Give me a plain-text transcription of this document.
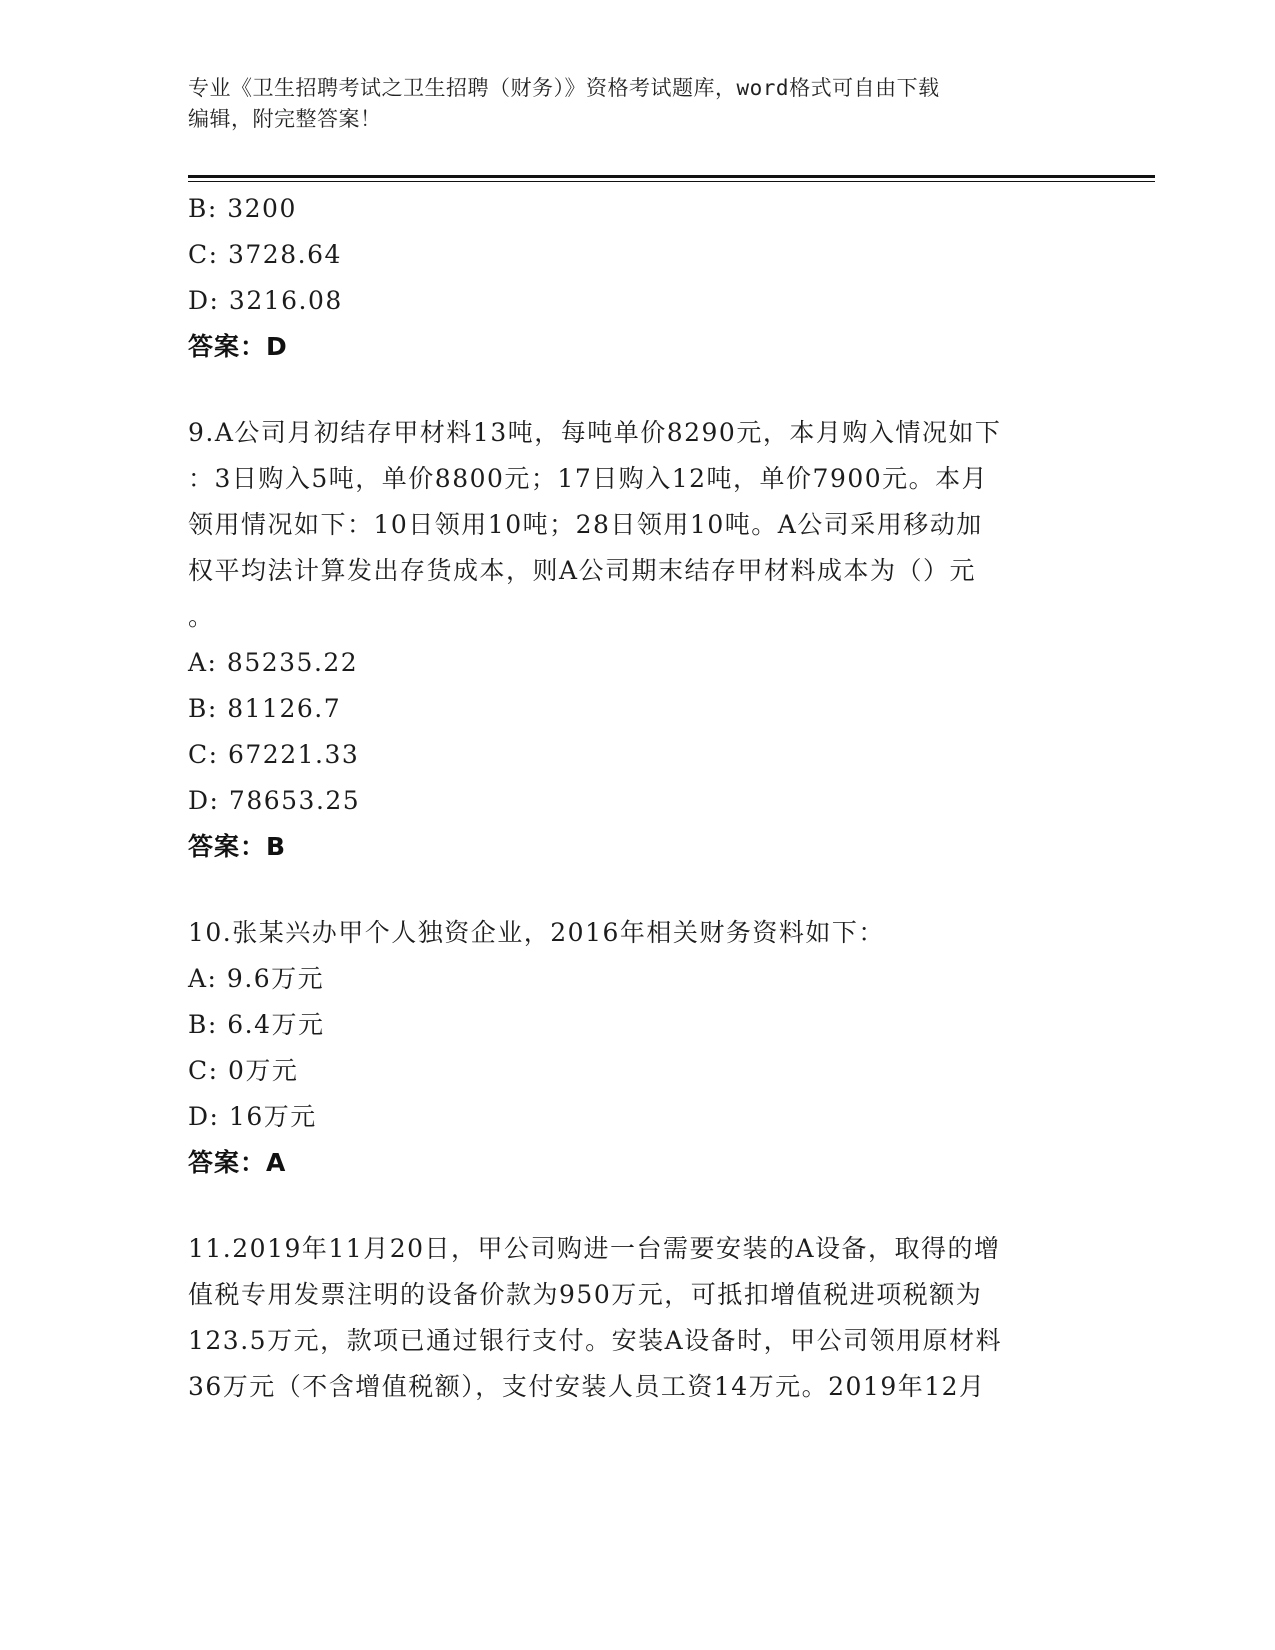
专业《卫生招聘考试之卫生招聘（财务）》资格考试题库，word格式可自由下载
编辑，附完整答案！
B: 3200
C: 3728.64
D: 3216.08
答案：D
9.A公司月初结存甲材料13吨，每吨单价8290元，本月购入情况如下
：3日购入5吨，单价8800元；17日购入12吨，单价7900元。本月
领用情况如下：10日领用10吨；28日领用10吨。A公司采用移动加
权平均法计算发出存货成本，则A公司期末结存甲材料成本为（）元
。
A: 85235.22
B: 81126.7
C: 67221.33
D: 78653.25
答案：B
10.张某兴办甲个人独资企业，2016年相关财务资料如下：
A: 9.6万元
B: 6.4万元
C: 0万元
D: 16万元
答案：A
11.2019年11月20日，甲公司购进一台需要安装的A设备，取得的增
值税专用发票注明的设备价款为950万元，可抵扣增值税进项税额为
123.5万元，款项已通过银行支付。安装A设备时，甲公司领用原材料
36万元（不含增值税额），支付安装人员工资14万元。2019年12月
